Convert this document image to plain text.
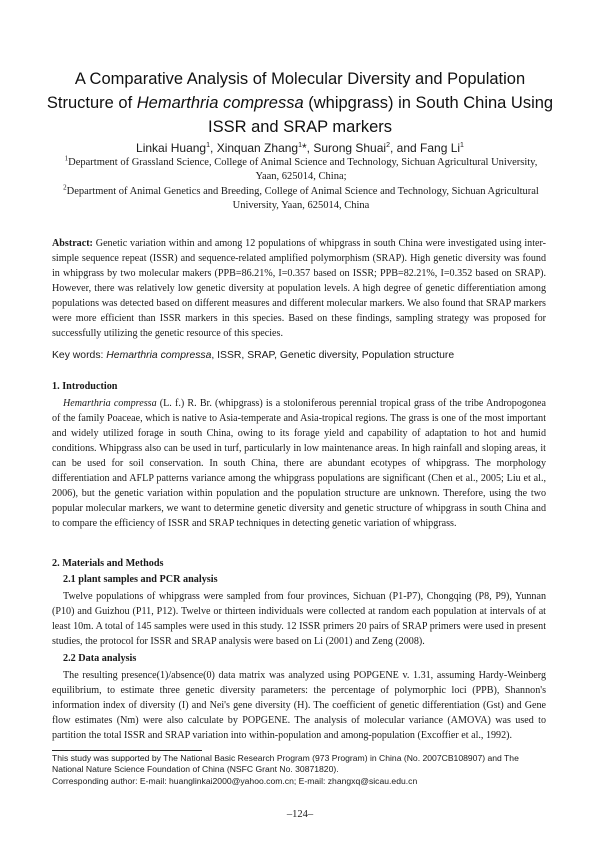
A Comparative Analysis of Molecular Diversity and Population
Structure of Hemarthria compressa (whipgrass) in South China Using
ISSR and SRAP markers
Linkai Huang$^1$, Xinquan Zhang$^1$*, Surong Shuai$^2$, and Fang Li$^1$
$^1$Department of Grassland Science, College of Animal Science and Technology, Sichuan Agricultural University, Yaan, 625014, China;
$^2$Department of Animal Genetics and Breeding, College of Animal Science and Technology, Sichuan Agricultural University, Yaan, 625014, China
Abstract: Genetic variation within and among 12 populations of whipgrass in south China were investigated using inter-simple sequence repeat (ISSR) and sequence-related amplified polymorphism (SRAP). High genetic diversity was found in whipgrass by two molecular makers (PPB=86.21%, I=0.357 based on ISSR; PPB=82.21%, I=0.352 based on SRAP). However, there was relatively low genetic diversity at population levels. A high degree of genetic differentiation among populations was detected based on different measures and different molecular markers. We also found that SRAP markers were more efficient than ISSR markers in this species. Based on these findings, sampling strategy was proposed for successfully utilizing the genetic resource of this species.
Key words: Hemarthria compressa, ISSR, SRAP, Genetic diversity, Population structure
1. Introduction
Hemarthria compressa (L. f.) R. Br. (whipgrass) is a stoloniferous perennial tropical grass of the tribe Andropogonea of the family Poaceae, which is native to Asia-temperate and Asia-tropical regions. The grass is one of the most important and widely utilized forage in south China, owing to its forage yield and capability of adaptation to hot and humid conditions. Whipgrass also can be used in turf, particularly in low maintenance areas. In high rainfall and sloping areas, it can be used for soil conservation. In south China, there are abundant ecotypes of whipgrass. The morphology differentiation and AFLP patterns variance among the whipgrass populations are significant (Chen et al., 2005; Liu et al., 2006), but the genetic variation within population and the population structure are unknown. Therefore, using the two popular molecular markers, we want to determine genetic diversity and genetic structure of whipgrass in south China and to compare the efficiency of ISSR and SRAP techniques in detecting genetic variation of whipgrass.
2. Materials and Methods
2.1 plant samples and PCR analysis
Twelve populations of whipgrass were sampled from four provinces, Sichuan (P1-P7), Chongqing (P8, P9), Yunnan (P10) and Guizhou (P11, P12). Twelve or thirteen individuals were collected at random each population at intervals of at least 10m. A total of 145 samples were used in this study. 12 ISSR primers 20 pairs of SRAP primers were used in present studies, the protocol for ISSR and SRAP analysis were based on Li (2001) and Zeng (2008).
2.2 Data analysis
The resulting presence(1)/absence(0) data matrix was analyzed using POPGENE v. 1.31, assuming Hardy-Weinberg equilibrium, to estimate three genetic diversity parameters: the percentage of polymorphic loci (PPB), Shannon's information index of diversity (I) and Nei's gene diversity (H). The coefficient of genetic differentiation (Gst) and Gene flow estimates (Nm) were also calculate by POPGENE. The analysis of molecular variance (AMOVA) was used to partition the total ISSR and SRAP variation into within-population and among-population (Excoffier et al., 1992).
This study was supported by The National Basic Research Program (973 Program) in China (No. 2007CB108907) and The National Nature Science Foundation of China (NSFC Grant No. 30871820).
Corresponding author: E-mail: huanglinkai2000@yahoo.com.cn; E-mail: zhangxq@sicau.edu.cn
–124–
